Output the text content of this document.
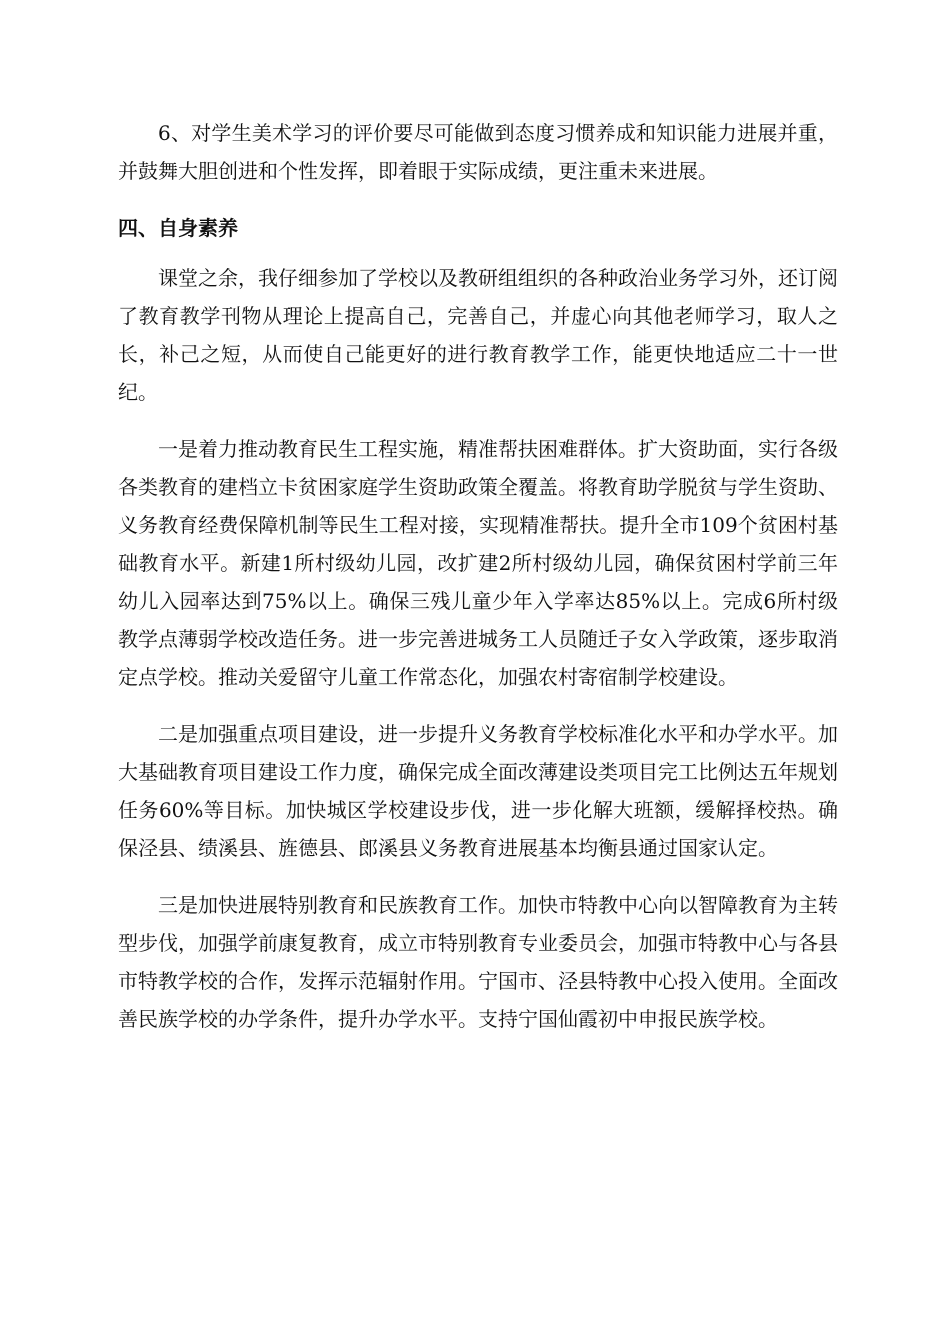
6、对学生美术学习的评价要尽可能做到态度习惯养成和知识能力进展并重，并鼓舞大胆创进和个性发挥，即着眼于实际成绩，更注重未来进展。

四、自身素养

课堂之余，我仔细参加了学校以及教研组组织的各种政治业务学习外，还订阅了教育教学刊物从理论上提高自己，完善自己，并虚心向其他老师学习，取人之长，补己之短，从而使自己能更好的进行教育教学工作，能更快地适应二十一世纪。

一是着力推动教育民生工程实施，精准帮扶困难群体。扩大资助面，实行各级各类教育的建档立卡贫困家庭学生资助政策全覆盖。将教育助学脱贫与学生资助、义务教育经费保障机制等民生工程对接，实现精准帮扶。提升全市109个贫困村基础教育水平。新建1所村级幼儿园，改扩建2所村级幼儿园，确保贫困村学前三年幼儿入园率达到75%以上。确保三残儿童少年入学率达85%以上。完成6所村级教学点薄弱学校改造任务。进一步完善进城务工人员随迁子女入学政策，逐步取消定点学校。推动关爱留守儿童工作常态化，加强农村寄宿制学校建设。

二是加强重点项目建设，进一步提升义务教育学校标准化水平和办学水平。加大基础教育项目建设工作力度，确保完成全面改薄建设类项目完工比例达五年规划任务60%等目标。加快城区学校建设步伐，进一步化解大班额，缓解择校热。确保泾县、绩溪县、旌德县、郎溪县义务教育进展基本均衡县通过国家认定。

三是加快进展特别教育和民族教育工作。加快市特教中心向以智障教育为主转型步伐，加强学前康复教育，成立市特别教育专业委员会，加强市特教中心与各县市特教学校的合作，发挥示范辐射作用。宁国市、泾县特教中心投入使用。全面改善民族学校的办学条件，提升办学水平。支持宁国仙霞初中申报民族学校。
